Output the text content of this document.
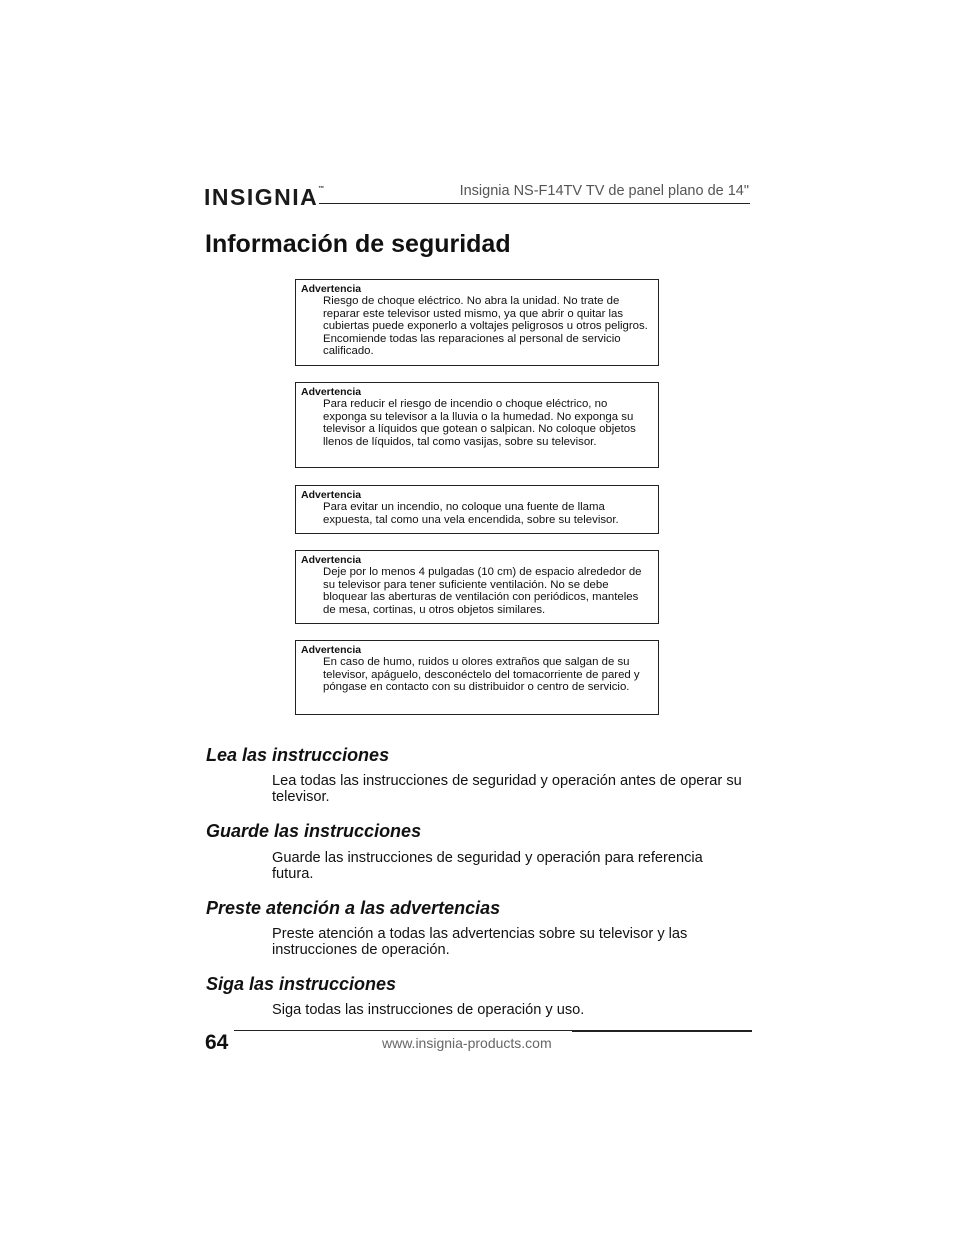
INSIGNIA™	Insignia NS-F14TV TV de panel plano de 14"
Información de seguridad
Advertencia
Riesgo de choque eléctrico. No abra la unidad. No trate de reparar este televisor usted mismo, ya que abrir o quitar las cubiertas puede exponerlo a voltajes peligrosos u otros peligros. Encomiende todas las reparaciones al personal de servicio calificado.
Advertencia
Para reducir el riesgo de incendio o choque eléctrico, no exponga su televisor a la lluvia o la humedad. No exponga su televisor a líquidos que gotean o salpican. No coloque objetos llenos de líquidos, tal como vasijas, sobre su televisor.
Advertencia
Para evitar un incendio, no coloque una fuente de llama expuesta, tal como una vela encendida, sobre su televisor.
Advertencia
Deje por lo menos 4 pulgadas (10 cm) de espacio alrededor de su televisor para tener suficiente ventilación. No se debe bloquear las aberturas de ventilación con periódicos, manteles de mesa, cortinas, u otros objetos similares.
Advertencia
En caso de humo, ruidos u olores extraños que salgan de su televisor, apáguelo, desconéctelo del tomacorriente de pared y póngase en contacto con su distribuidor o centro de servicio.
Lea las instrucciones

Lea todas las instrucciones de seguridad y operación antes de operar su televisor.

Guarde las instrucciones

Guarde las instrucciones de seguridad y operación para referencia futura.

Preste atención a las advertencias

Preste atención a todas las advertencias sobre su televisor y las instrucciones de operación.

Siga las instrucciones

Siga todas las instrucciones de operación y uso.

64	www.insignia-products.com
